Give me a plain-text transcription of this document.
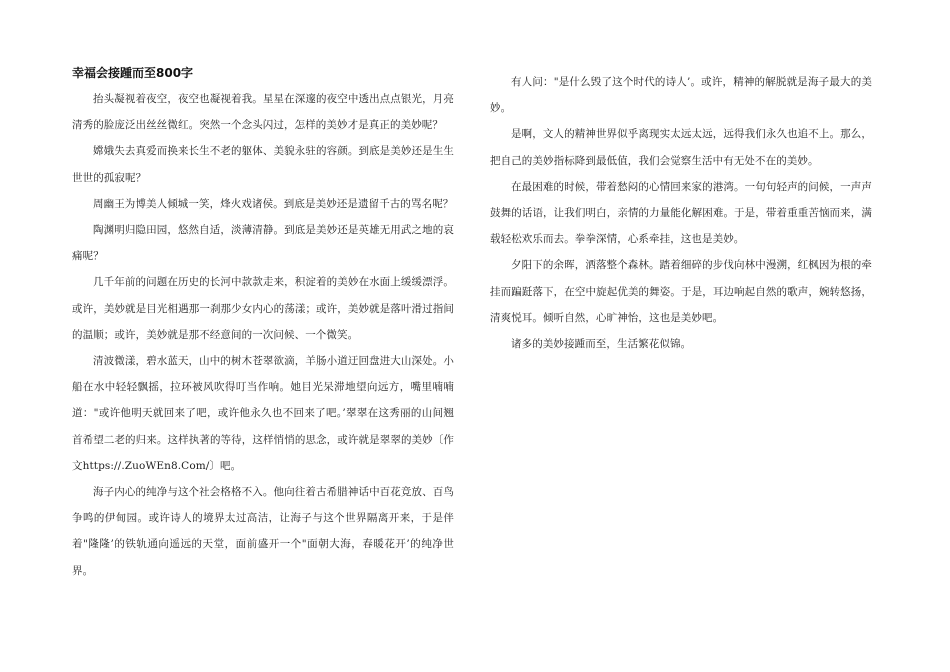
幸福会接踵而至800字

抬头凝视着夜空，夜空也凝视着我。星星在深邃的夜空中透出点点银光，月亮清秀的脸庞泛出丝丝微红。突然一个念头闪过，怎样的美妙才是真正的美妙呢？

嫦娥失去真爱而换来长生不老的躯体、美貌永驻的容颜。到底是美妙还是生生世世的孤寂呢？

周幽王为博美人倾城一笑，烽火戏诸侯。到底是美妙还是遗留千古的骂名呢？

陶渊明归隐田园，悠然自适，淡薄清静。到底是美妙还是英雄无用武之地的哀痛呢？

几千年前的问题在历史的长河中款款走来，积淀着的美妙在水面上缓缓漂浮。或许，美妙就是目光相遇那一刹那少女内心的荡漾；或许，美妙就是落叶滑过指间的温顺；或许，美妙就是那不经意间的一次问候、一个微笑。

清波微漾，碧水蓝天，山中的树木苍翠欲滴，羊肠小道迂回盘进大山深处。小船在水中轻轻飘摇，拉环被风吹得叮当作响。她目光呆滞地望向远方，嘴里喃喃道："或许他明天就回来了吧，或许他永久也不回来了吧。’翠翠在这秀丽的山间翘首希望二老的归来。这样执著的等待，这样悄悄的思念，或许就是翠翠的美妙〔作文https://.ZuoWEn8.Com/〕吧。

海子内心的纯净与这个社会格格不入。他向往着古希腊神话中百花竞放、百鸟争鸣的伊甸园。或许诗人的境界太过高洁，让海子与这个世界隔离开来，于是伴着"隆隆’的铁轨通向遥远的天堂，面前盛开一个"面朝大海，春暖花开’的纯净世界。

有人问："是什么毁了这个时代的诗人’。或许，精神的解脱就是海子最大的美妙。

是啊，文人的精神世界似乎离现实太远太远，远得我们永久也追不上。那么，把自己的美妙指标降到最低值，我们会觉察生活中有无处不在的美妙。

在最困难的时候，带着愁闷的心情回来家的港湾。一句句轻声的问候，一声声鼓舞的话语，让我们明白，亲情的力量能化解困难。于是，带着重重苦恼而来，满载轻松欢乐而去。拳拳深情，心系牵挂，这也是美妙。

夕阳下的余晖，洒落整个森林。踏着细碎的步伐向林中漫溯，红枫因为根的牵挂而蹁跹落下，在空中旋起优美的舞姿。于是，耳边响起自然的歌声，婉转悠扬，清爽悦耳。倾听自然，心旷神怡，这也是美妙吧。

诸多的美妙接踵而至，生活繁花似锦。
